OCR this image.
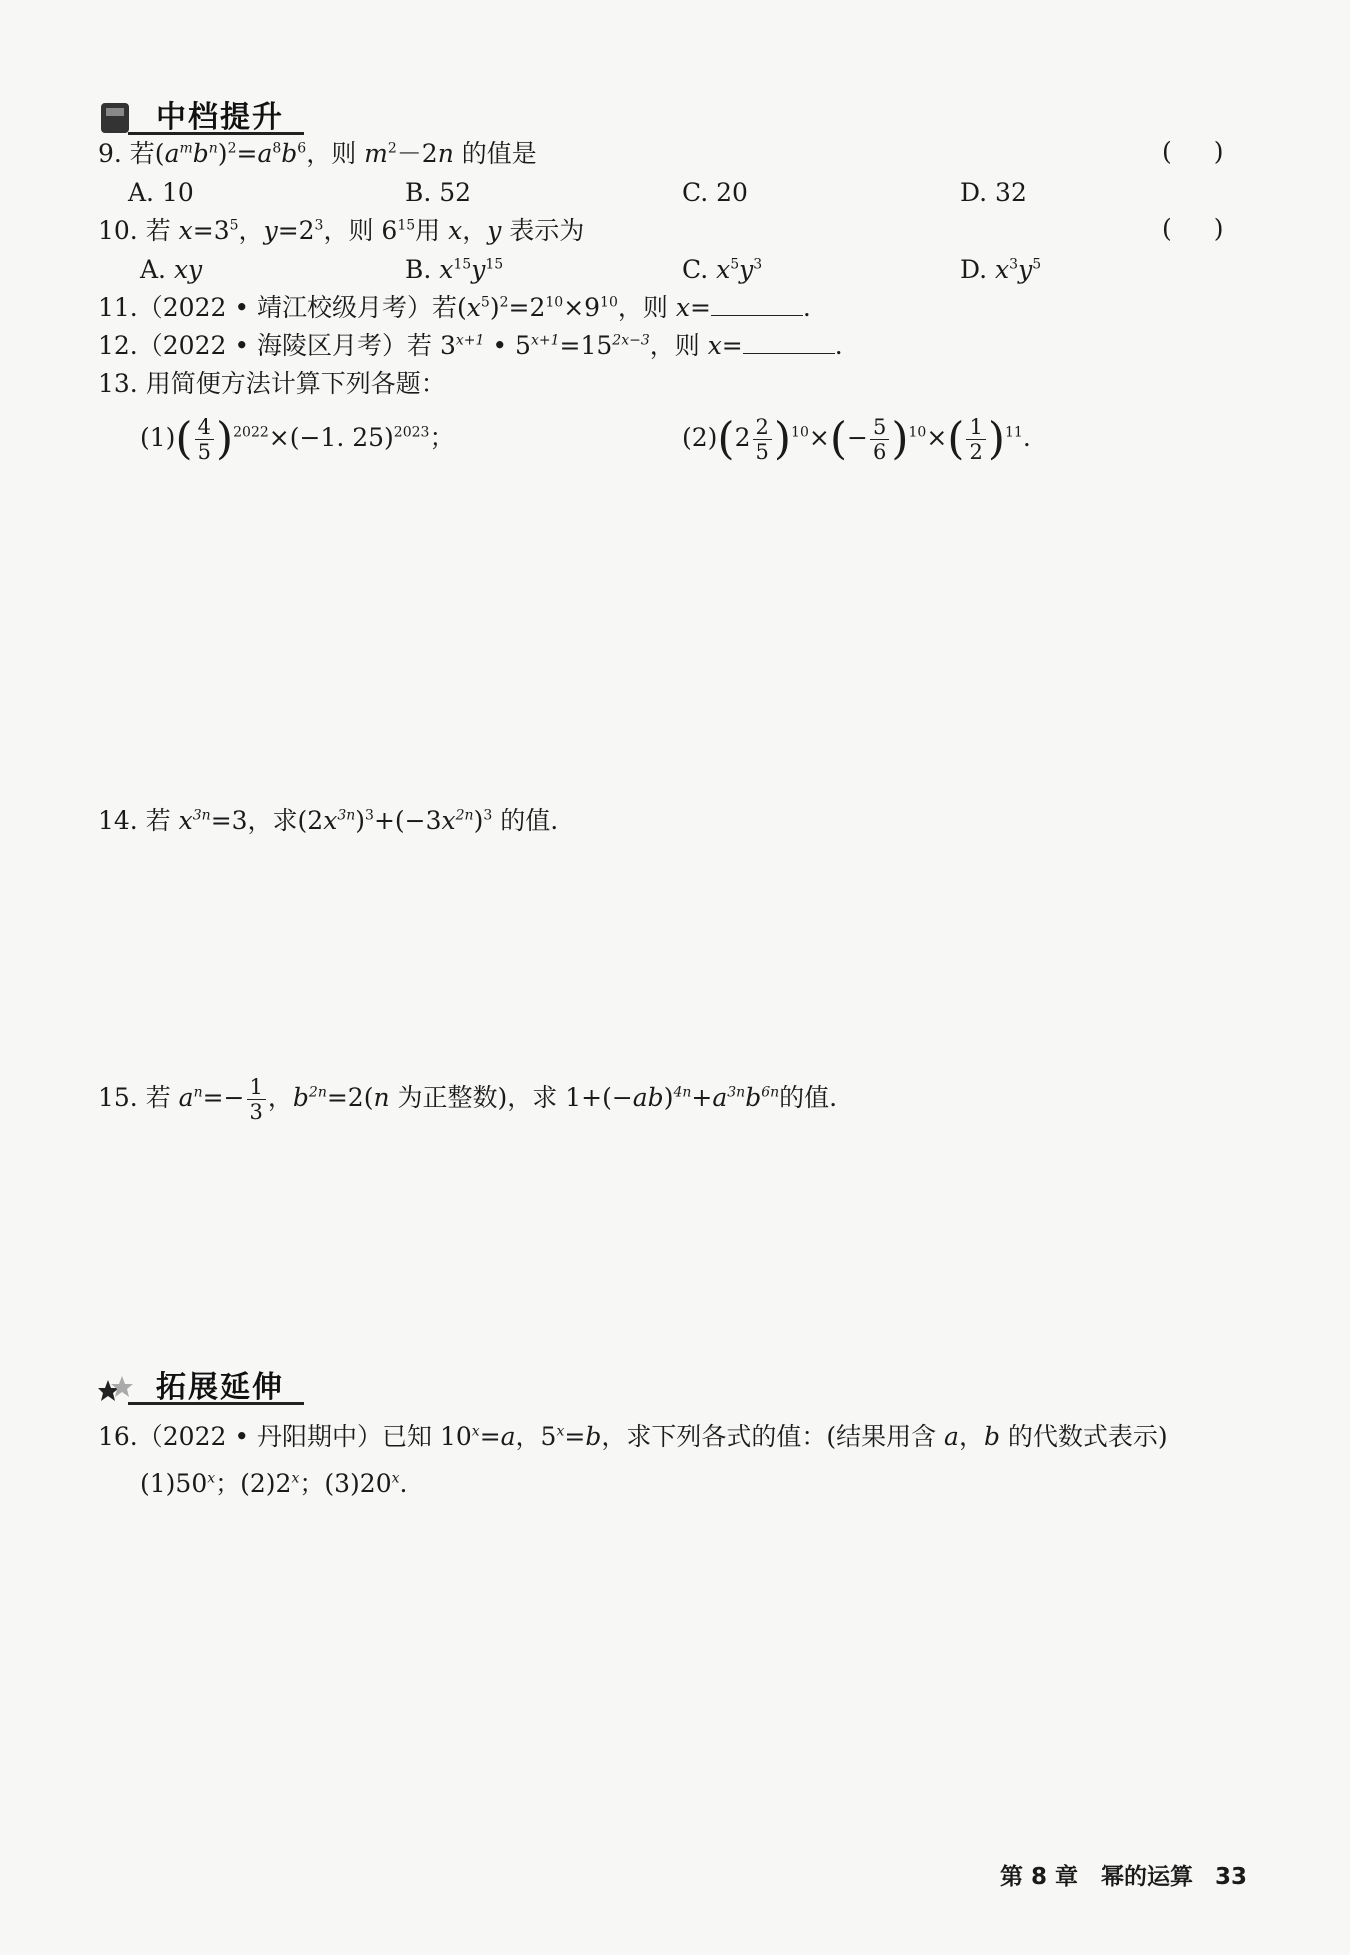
中档提升
9. 若$(a^mb^n)^2=a^8b^6$，则 $m^2-2n$ 的值是	( )
A. 10	B. 52	C. 20	D. 32
10. 若 $x=3^5$，$y=2^3$，则 $6^{15}$用 x，y 表示为	( )
A. xy	B. $x^{15}y^{15}$	C. $x^5y^3$	D. $x^3y^5$
11.（2022 • 靖江校级月考）若$(x^5)^2=2^{10}\times 9^{10}$，则 x=	.
12.（2022 • 海陵区月考）若 $3^{x+1}$ • $5^{x+1}=15^{2x-3}$，则 x=	.
13. 用简便方法计算下列各题：
$(1)( \frac{4}{5} )^{2022}\times(-1$. 25)$^{2023}$；	$(2)(2 \frac{2}{5} )^{10}\times(- \frac{5}{6} )^{10}\times( \frac{1}{2} )^{11}$.
14. 若 $x^{3n}=3$，求$(2x^{3n})^3+(-3x^{2n})^3$ 的值.
15. 若 $a^n=- \frac{1}{3}$ ，$b^{2n}=2(n$ 为正整数)，求 $1+(-ab)^{4n}+a^{3n}b^{6n}$的值.
拓展延伸
16.（2022 • 丹阳期中）已知 $10^x=a$，$5^x=b$，求下列各式的值：(结果用含 a，b 的代数式表示)
(1)50$^x$；(2)2$^x$；(3)20$^x$.
第 8 章　幂的运算 33
